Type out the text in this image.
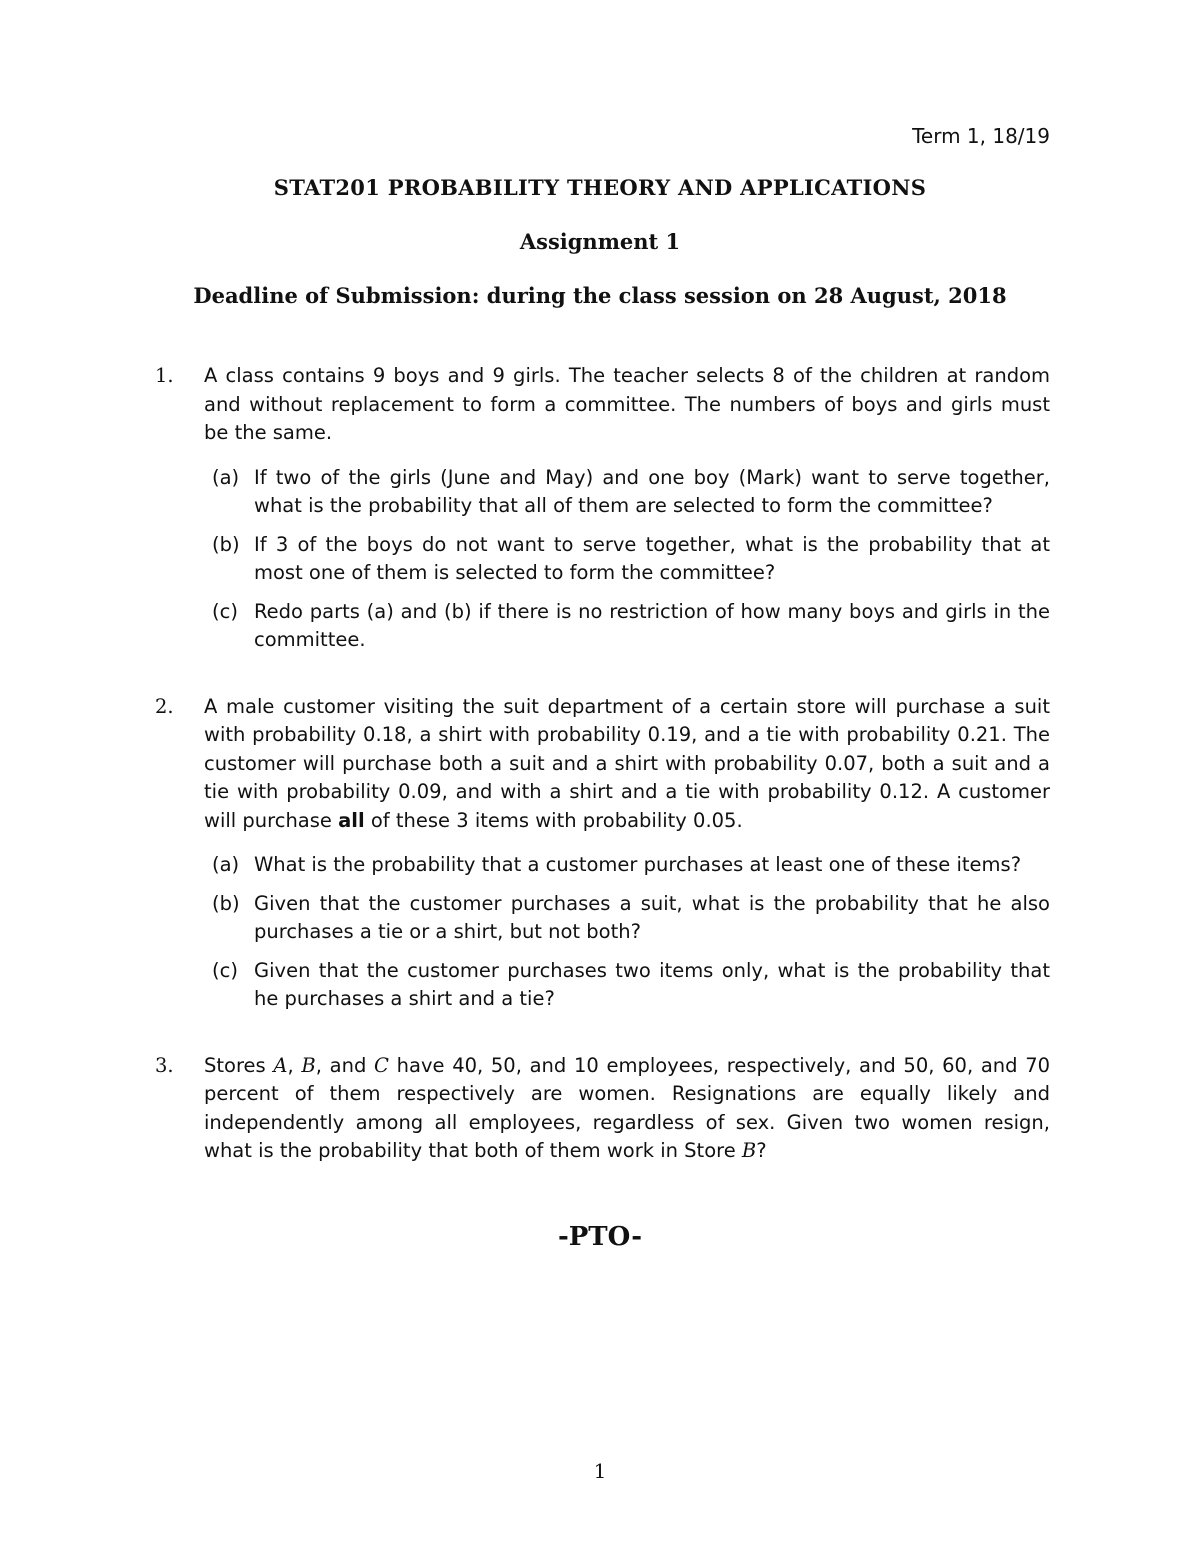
Term 1, 18/19
STAT201 PROBABILITY THEORY AND APPLICATIONS
Assignment 1
Deadline of Submission: during the class session on 28 August, 2018
1. A class contains 9 boys and 9 girls. The teacher selects 8 of the children at random and without replacement to form a committee. The numbers of boys and girls must be the same.
(a) If two of the girls (June and May) and one boy (Mark) want to serve together, what is the probability that all of them are selected to form the committee?
(b) If 3 of the boys do not want to serve together, what is the probability that at most one of them is selected to form the committee?
(c) Redo parts (a) and (b) if there is no restriction of how many boys and girls in the committee.
2. A male customer visiting the suit department of a certain store will purchase a suit with probability 0.18, a shirt with probability 0.19, and a tie with probability 0.21. The customer will purchase both a suit and a shirt with probability 0.07, both a suit and a tie with probability 0.09, and with a shirt and a tie with probability 0.12. A customer will purchase all of these 3 items with probability 0.05.
(a) What is the probability that a customer purchases at least one of these items?
(b) Given that the customer purchases a suit, what is the probability that he also purchases a tie or a shirt, but not both?
(c) Given that the customer purchases two items only, what is the probability that he purchases a shirt and a tie?
3. Stores A, B, and C have 40, 50, and 10 employees, respectively, and 50, 60, and 70 percent of them respectively are women. Resignations are equally likely and independently among all employees, regardless of sex. Given two women resign, what is the probability that both of them work in Store B?
-PTO-
1
